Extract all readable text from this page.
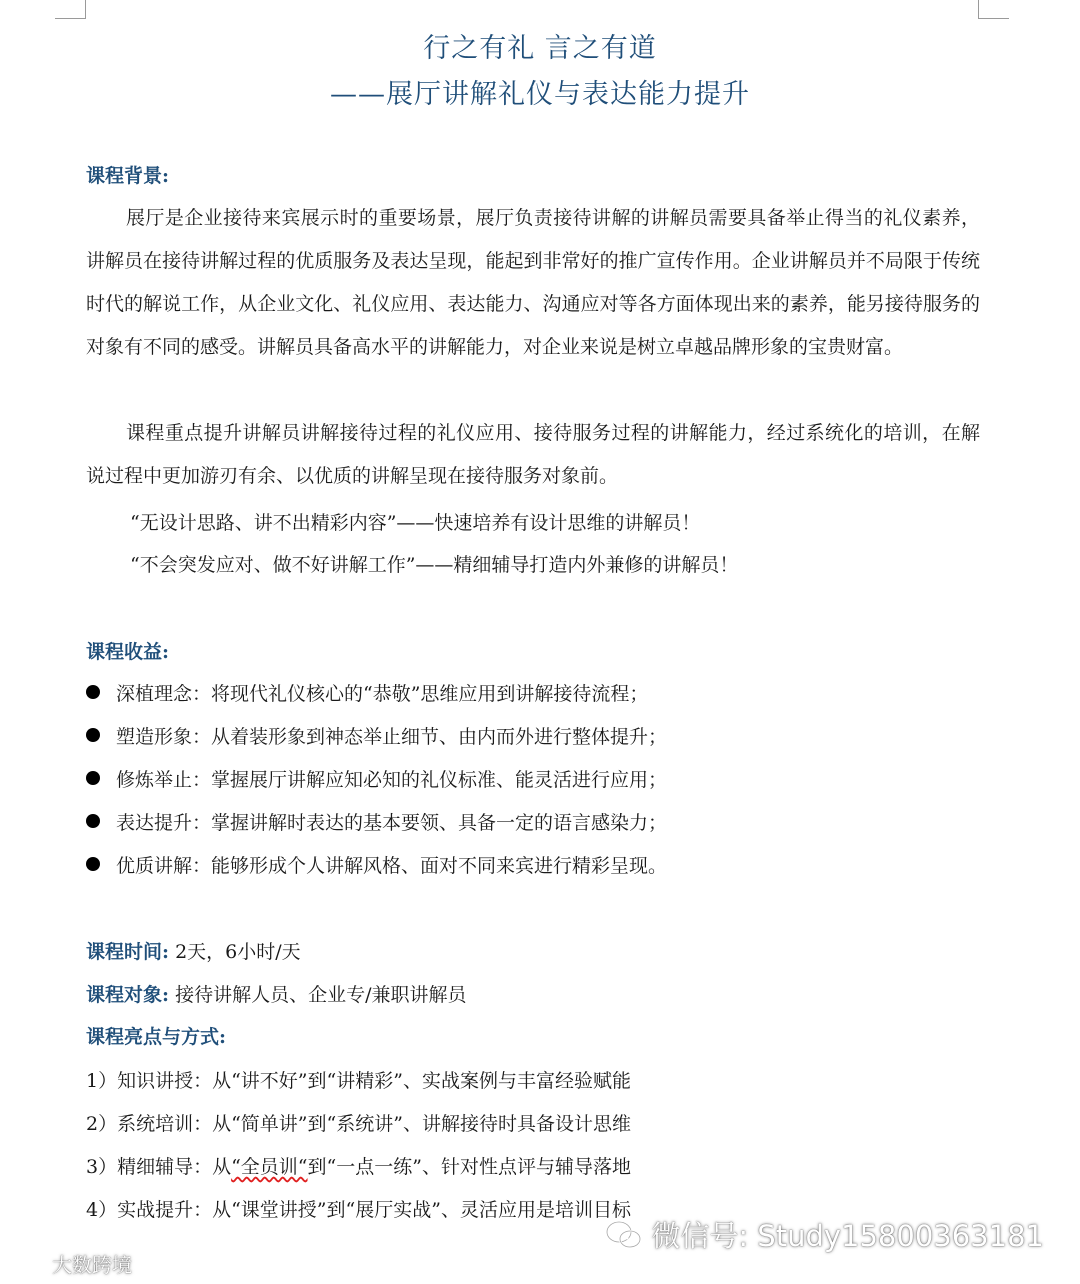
行之有礼 言之有道
——展厅讲解礼仪与表达能力提升
课程背景:

展厅是企业接待来宾展示时的重要场景，展厅负责接待讲解的讲解员需要具备举止得当的礼仪素养，讲解员在接待讲解过程的优质服务及表达呈现，能起到非常好的推广宣传作用。企业讲解员并不局限于传统时代的解说工作，从企业文化、礼仪应用、表达能力、沟通应对等各方面体现出来的素养，能另接待服务的对象有不同的感受。讲解员具备高水平的讲解能力，对企业来说是树立卓越品牌形象的宝贵财富。

课程重点提升讲解员讲解接待过程的礼仪应用、接待服务过程的讲解能力，经过系统化的培训，在解说过程中更加游刃有余、以优质的讲解呈现在接待服务对象前。

“无设计思路、讲不出精彩内容”——快速培养有设计思维的讲解员！
“不会突发应对、做不好讲解工作”——精细辅导打造内外兼修的讲解员！
课程收益:
深植理念：将现代礼仪核心的“恭敬”思维应用到讲解接待流程；
塑造形象：从着装形象到神态举止细节、由内而外进行整体提升；
修炼举止：掌握展厅讲解应知必知的礼仪标准、能灵活进行应用；
表达提升：掌握讲解时表达的基本要领、具备一定的语言感染力；
优质讲解：能够形成个人讲解风格、面对不同来宾进行精彩呈现。
课程时间: 2天，6小时/天
课程对象: 接待讲解人员、企业专/兼职讲解员
课程亮点与方式:
1）知识讲授：从“讲不好”到“讲精彩”、实战案例与丰富经验赋能
2）系统培训：从“简单讲”到“系统讲”、讲解接待时具备设计思维
3）精细辅导：从“全员训“到“一点一练”、针对性点评与辅导落地
4）实战提升：从“课堂讲授”到“展厅实战”、灵活应用是培训目标
微信号: Study15800363181
大数跨境
